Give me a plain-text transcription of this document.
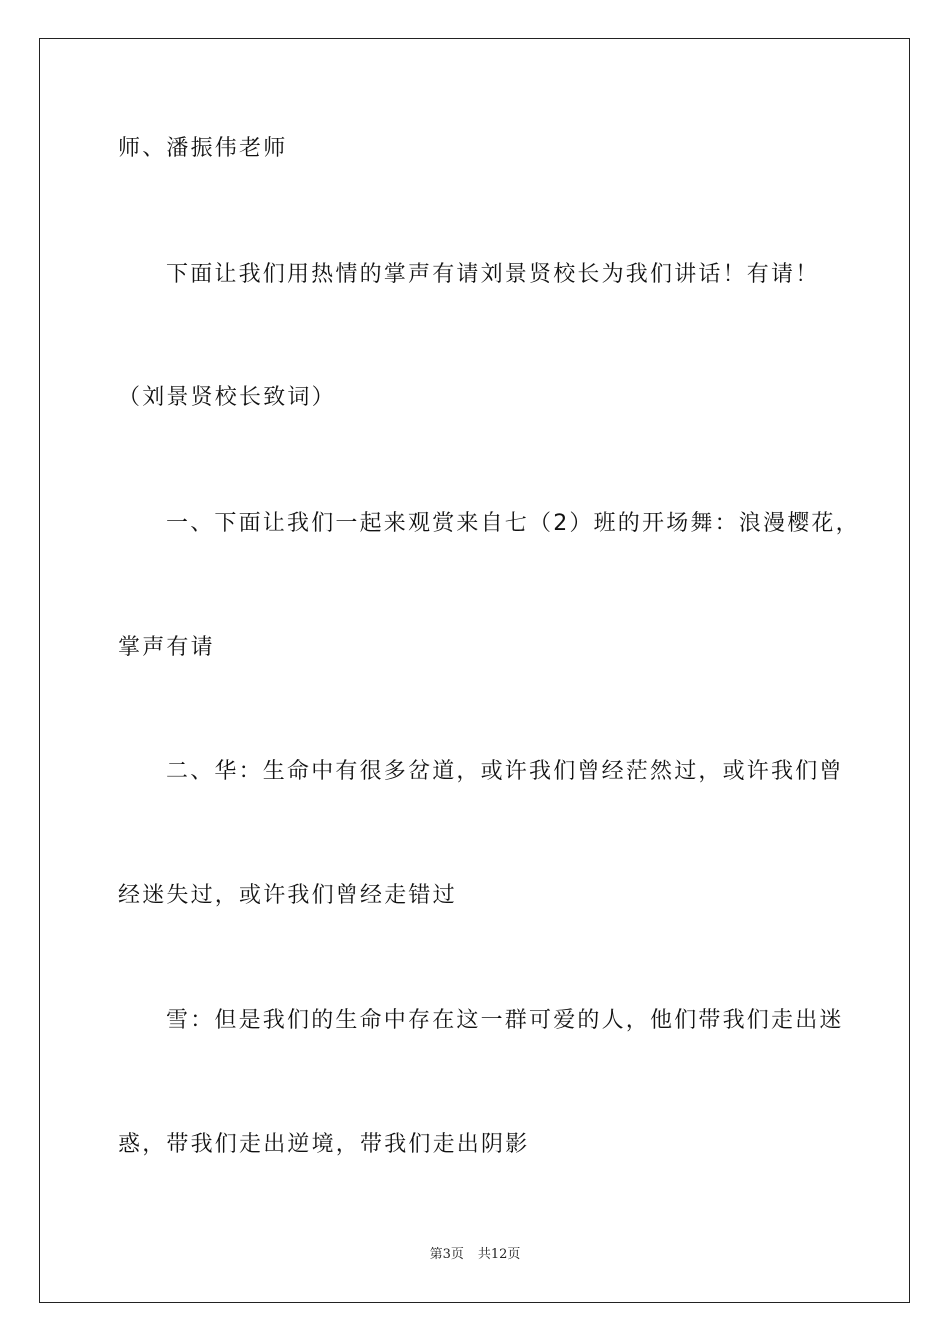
师、潘振伟老师
下面让我们用热情的掌声有请刘景贤校长为我们讲话！有请！
（刘景贤校长致词）
一、下面让我们一起来观赏来自七（2）班的开场舞：浪漫樱花，
掌声有请
二、华：生命中有很多岔道，或许我们曾经茫然过，或许我们曾
经迷失过，或许我们曾经走错过
雪：但是我们的生命中存在这一群可爱的人，他们带我们走出迷
惑，带我们走出逆境，带我们走出阴影
第3页 共12页
